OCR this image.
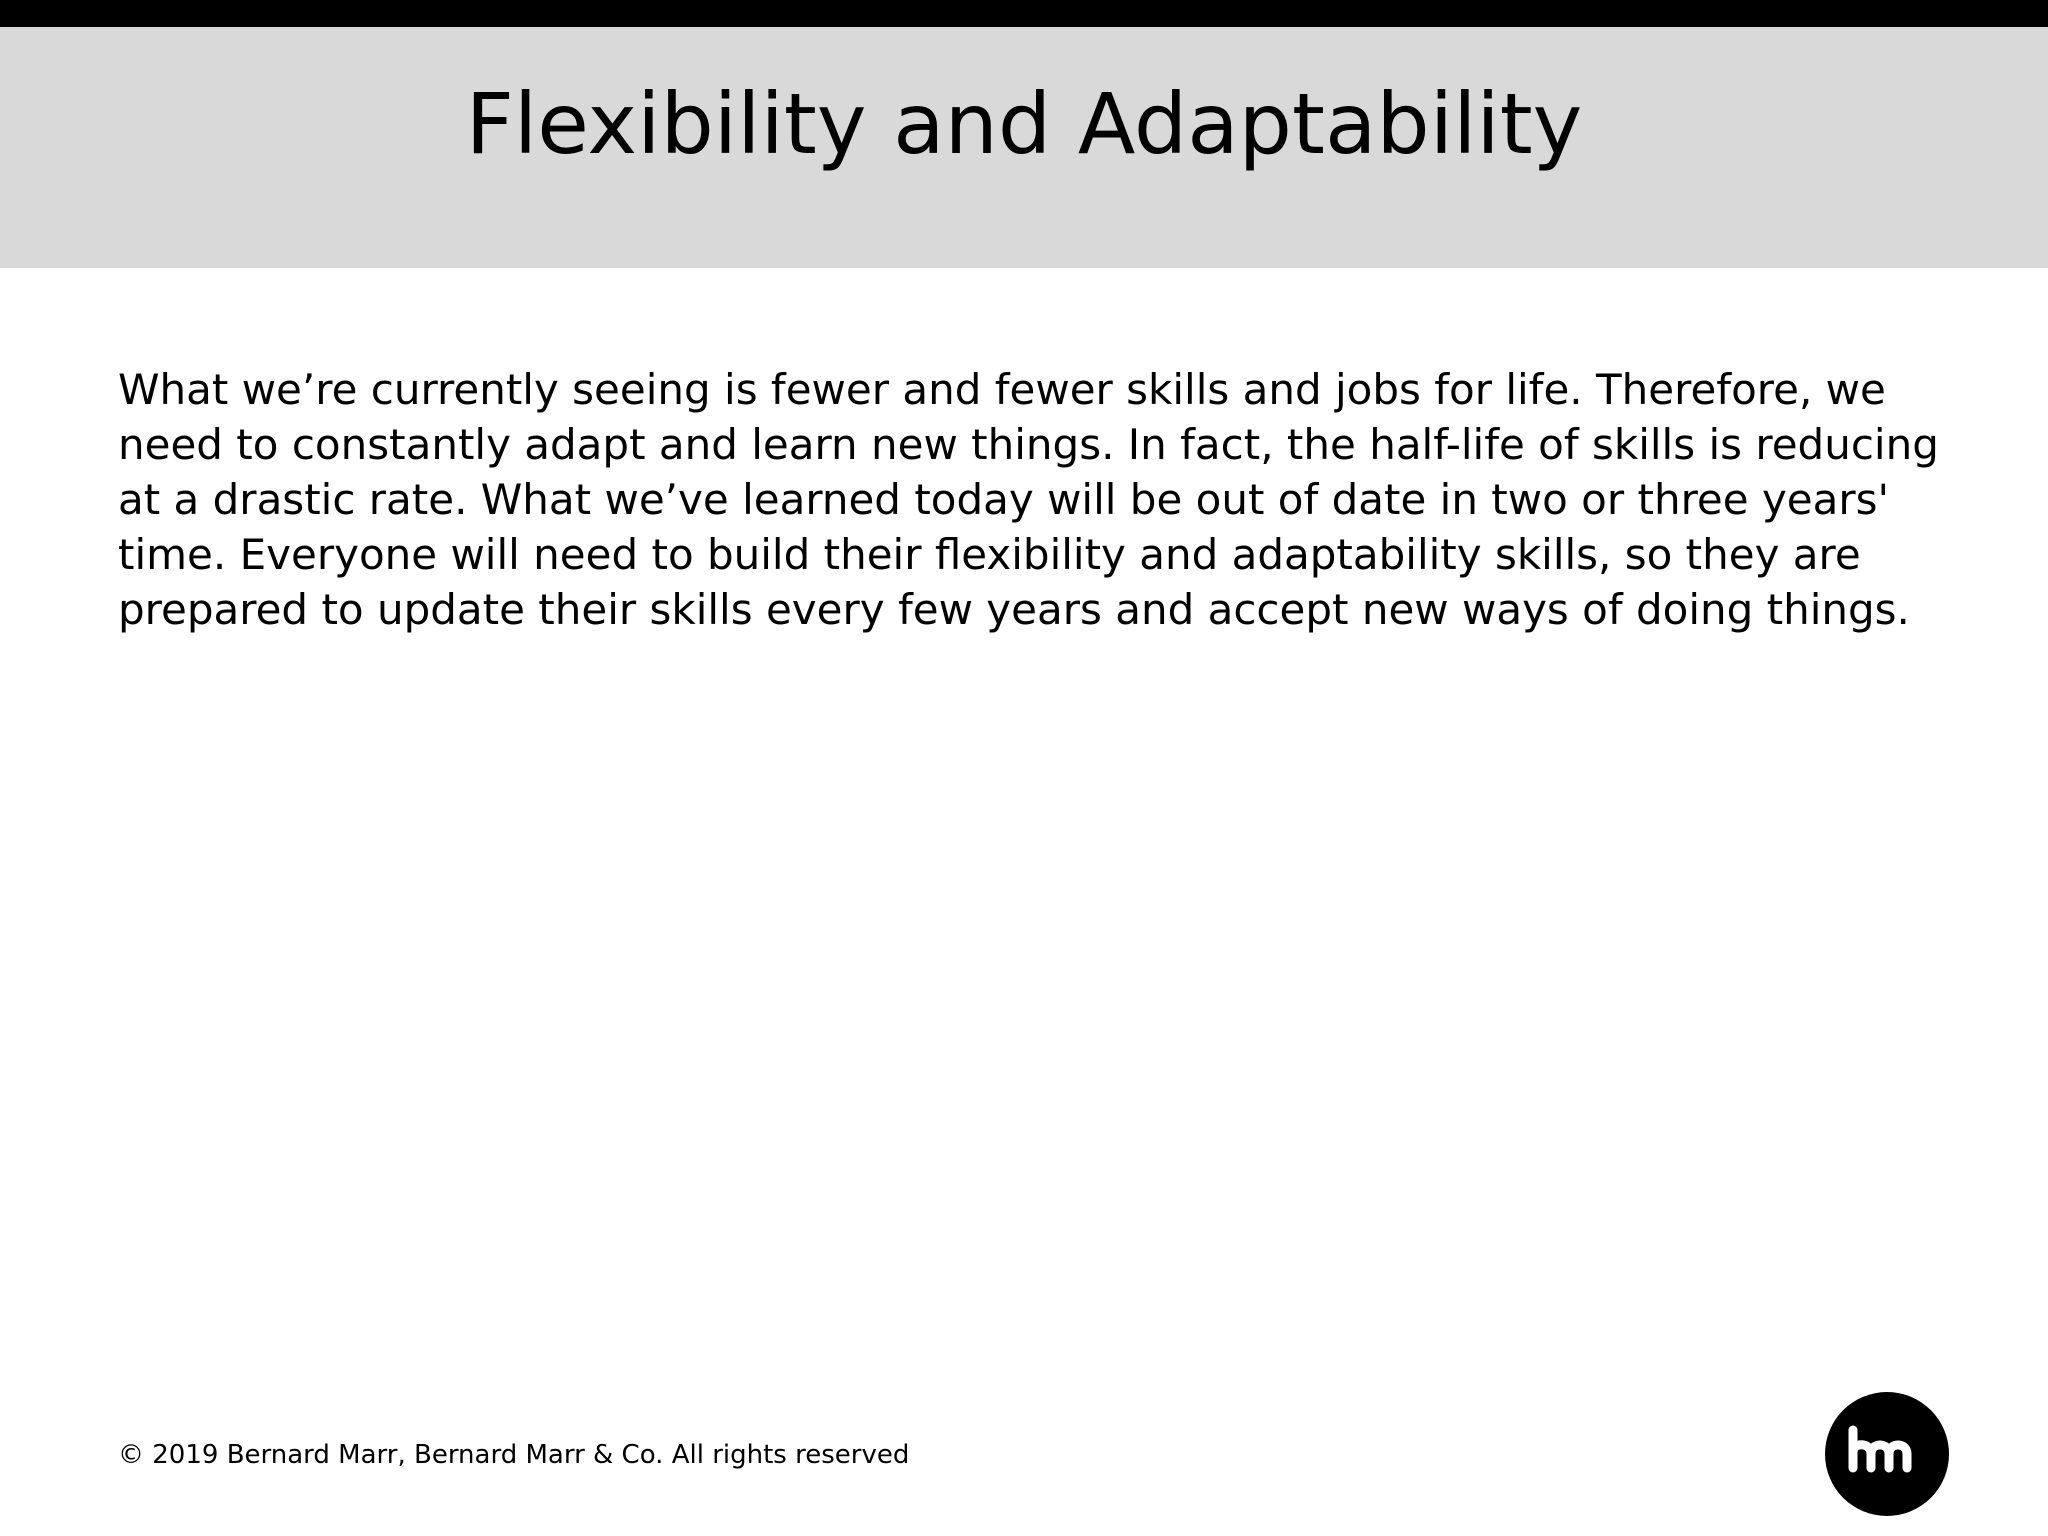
Flexibility and Adaptability

What we’re currently seeing is fewer and fewer skills and jobs for life. Therefore, we need to constantly adapt and learn new things. In fact, the half-life of skills is reducing at a drastic rate. What we’ve learned today will be out of date in two or three years' time. Everyone will need to build their flexibility and adaptability skills, so they are prepared to update their skills every few years and accept new ways of doing things.

© 2019 Bernard Marr, Bernard Marr & Co. All rights reserved
